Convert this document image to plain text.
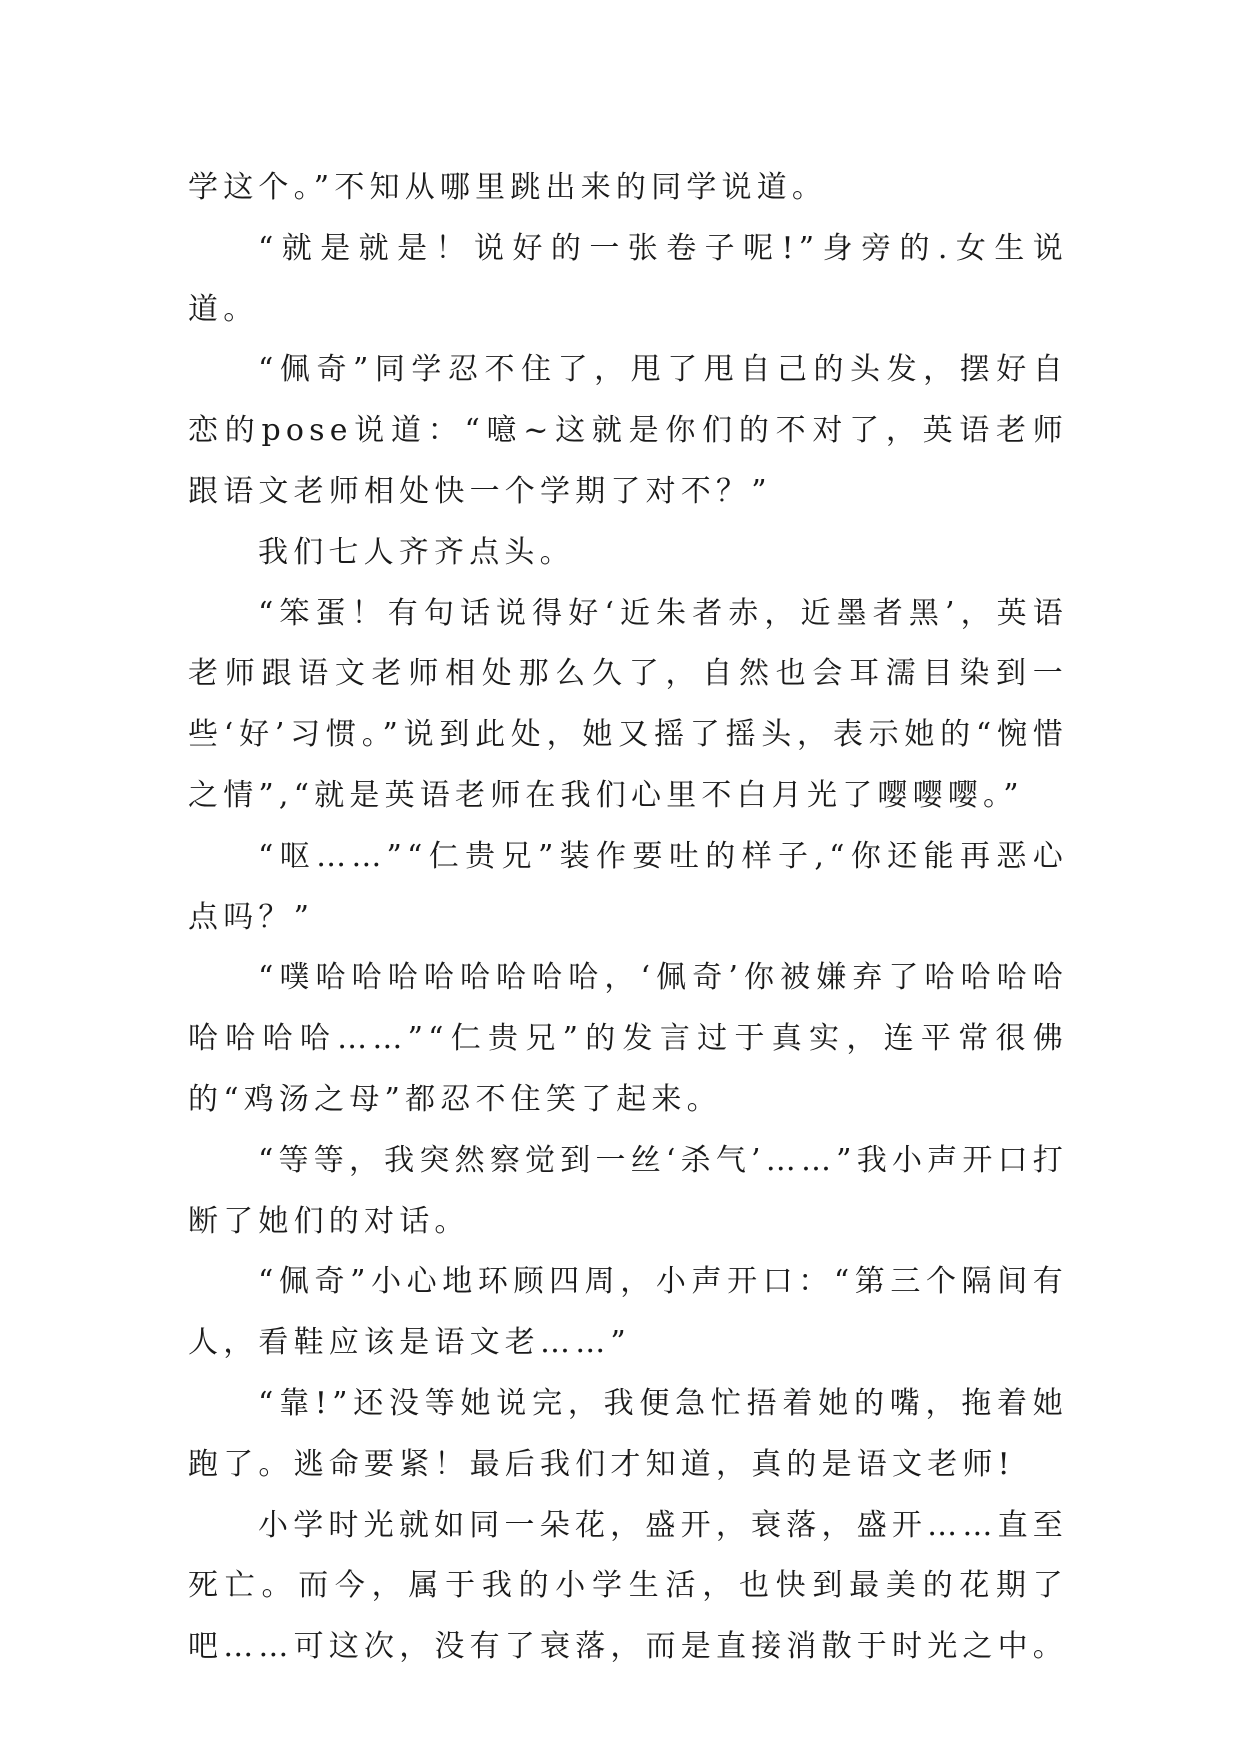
学这个。”不知从哪里跳出来的同学说道。

“就是就是！说好的一张卷子呢!”身旁的.女生说道。

“佩奇”同学忍不住了，甩了甩自己的头发，摆好自恋的pose说道：“噫~这就是你们的不对了，英语老师跟语文老师相处快一个学期了对不？”

我们七人齐齐点头。

“笨蛋！有句话说得好‘近朱者赤，近墨者黑’，英语老师跟语文老师相处那么久了，自然也会耳濡目染到一些‘好’习惯。”说到此处，她又摇了摇头，表示她的“惋惜之情”,“就是英语老师在我们心里不白月光了嘤嘤嘤。”

“呕……”“仁贵兄”装作要吐的样子,“你还能再恶心点吗？”

“噗哈哈哈哈哈哈哈哈，‘佩奇’你被嫌弃了哈哈哈哈哈哈哈哈……”“仁贵兄”的发言过于真实，连平常很佛的“鸡汤之母”都忍不住笑了起来。

“等等，我突然察觉到一丝‘杀气’……”我小声开口打断了她们的对话。

“佩奇”小心地环顾四周，小声开口：“第三个隔间有人，看鞋应该是语文老……”

“靠!”还没等她说完，我便急忙捂着她的嘴，拖着她跑了。逃命要紧！最后我们才知道，真的是语文老师!

小学时光就如同一朵花，盛开，衰落，盛开……直至死亡。而今，属于我的小学生活，也快到最美的花期了吧……可这次，没有了衰落，而是直接消散于时光之中。
